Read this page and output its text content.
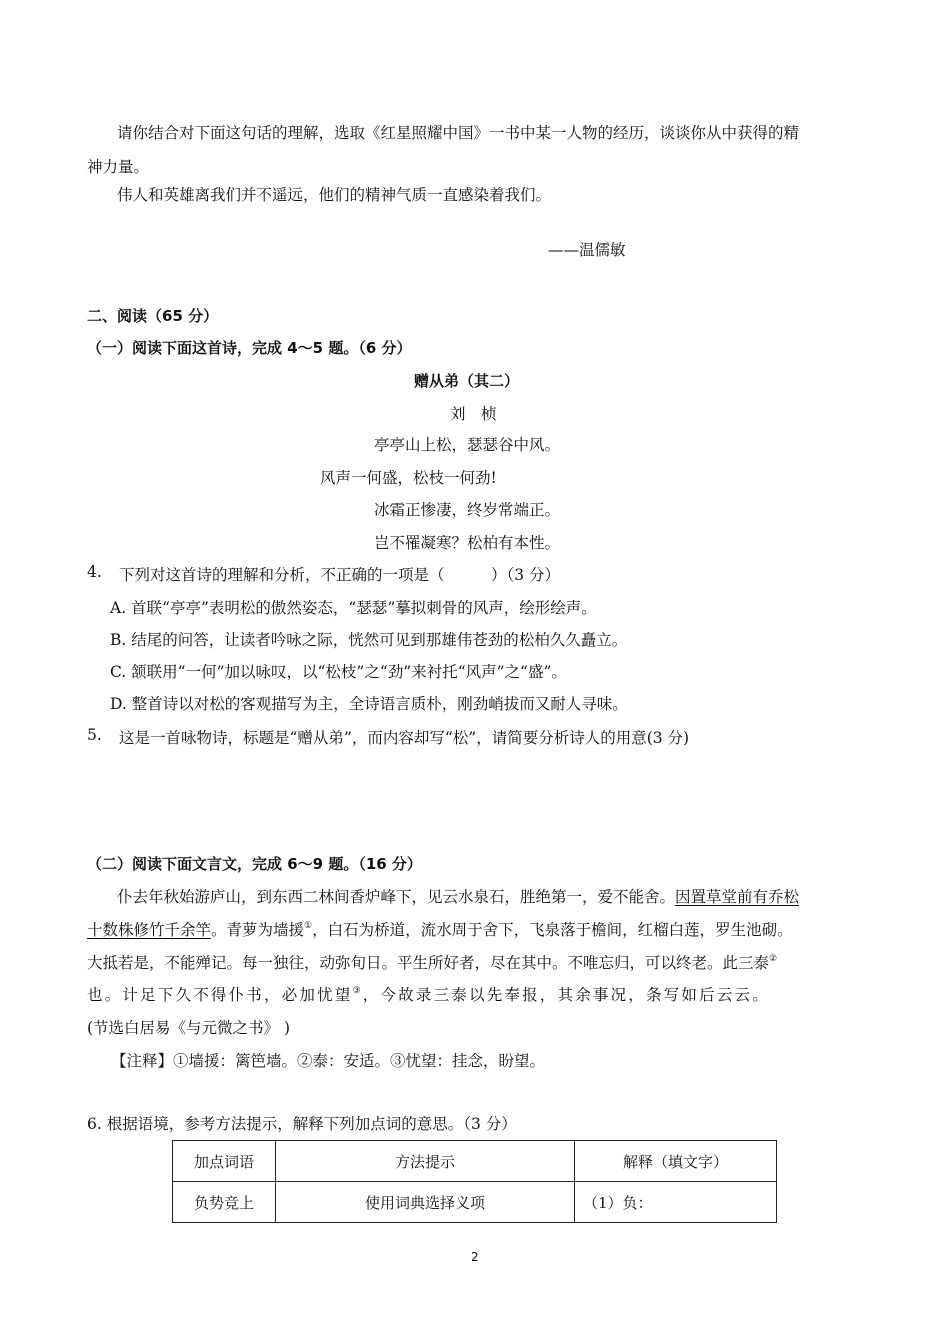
请你结合对下面这句话的理解，选取《红星照耀中国》一书中某一人物的经历，谈谈你从中获得的精
神力量。
伟人和英雄离我们并不遥远，他们的精神气质一直感染着我们。
——温儒敏
二、阅读（65 分）
（一）阅读下面这首诗，完成 4～5 题。（6 分）
赠从弟（其二）
刘　桢
亭亭山上松，瑟瑟谷中风。
风声一何盛，松枝一何劲!
冰霜正惨凄，终岁常端正。
岂不罹凝寒？松柏有本性。
4. 下列对这首诗的理解和分析，不正确的一项是（　　　）（3 分）
A. 首联“亭亭”表明松的傲然姿态，“瑟瑟”摹拟刺骨的风声，绘形绘声。
B. 结尾的问答，让读者吟咏之际，恍然可见到那雄伟苍劲的松柏久久矗立。
C. 颔联用“一何”加以咏叹，以“松枝”之“劲”来衬托“风声”之“盛”。
D. 整首诗以对松的客观描写为主，全诗语言质朴，刚劲峭拔而又耐人寻味。
5. 这是一首咏物诗，标题是“赠从弟”，而内容却写“松”，请简要分析诗人的用意(3 分)
（二）阅读下面文言文，完成 6～9 题。（16 分）
仆去年秋始游庐山，到东西二林间香炉峰下，见云水泉石，胜绝第一，爱不能舍。因置草堂前有乔松
十数株修竹千余竿。青萝为墙援①，白石为桥道，流水周于舍下，飞泉落于檐间，红榴白莲，罗生池砌。
大抵若是，不能殚记。每一独往，动弥旬日。平生所好者，尽在其中。不唯忘归，可以终老。此三泰②
也。计足下久不得仆书，必加忧望③，今故录三泰以先奉报，其余事况，条写如后云云。
(节选白居易《与元微之书》 )
【注释】①墙援：篱笆墙。②泰：安适。③忧望：挂念，盼望。
6. 根据语境，参考方法提示，解释下列加点词的意思。（3 分）
加点词语	方法提示	解释（填文字）
负势竞上	使用词典选择义项	（1）负：
2
